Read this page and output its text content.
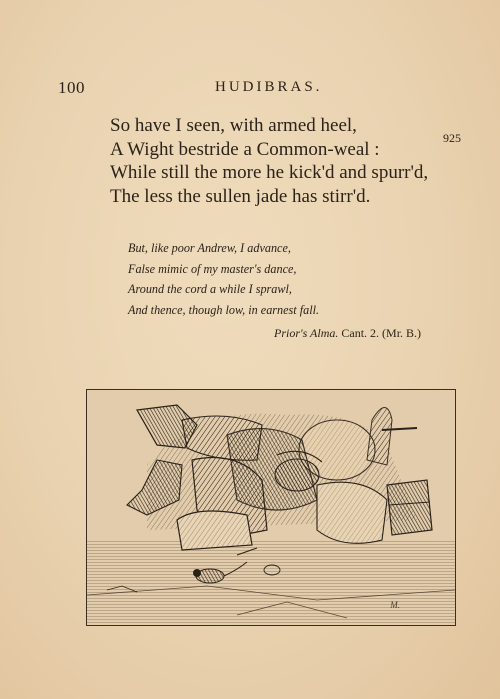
100	HUDIBRAS.
So have I seen, with armed heel,
A Wight bestride a Common-weal :
While still the more he kick'd and spurr'd,
The less the sullen jade has stirr'd.
925
But, like poor Andrew, I advance,
False mimic of my master's dance,
Around the cord a while I sprawl,
And thence, though low, in earnest fall.
Prior's Alma. Cant. 2. (Mr. B.)
M.
